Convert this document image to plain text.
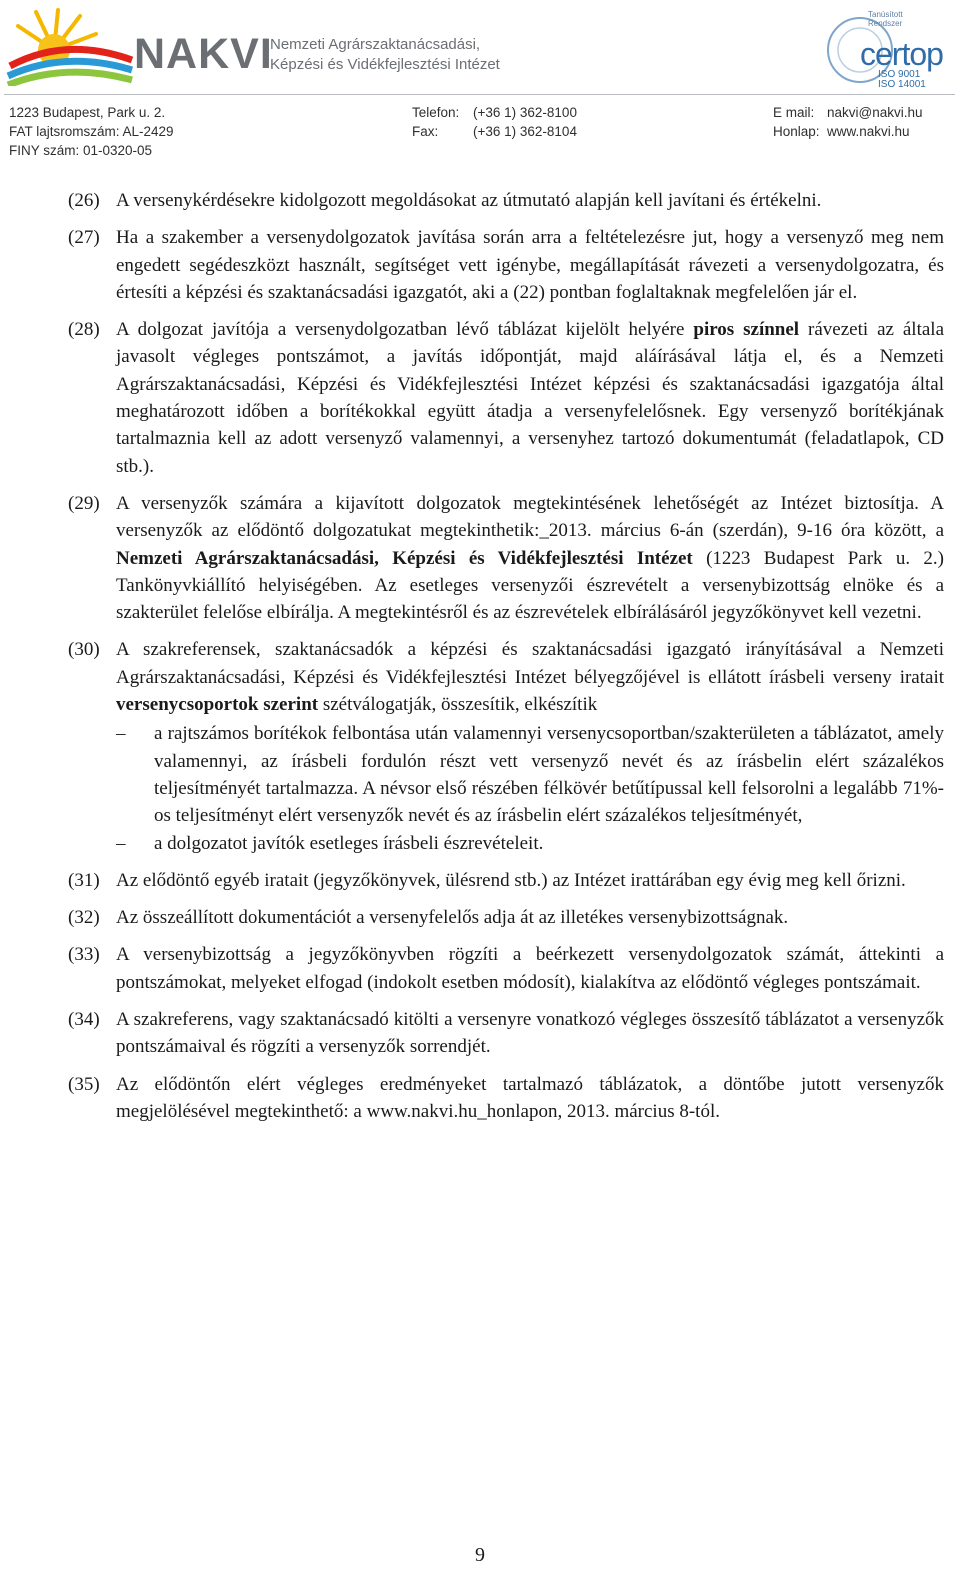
NAKVI
Nemzeti Agrárszaktanácsadási,
Képzési és Vidékfejlesztési Intézet
Tanúsított
Rendszer
certop
ISO 9001
ISO 14001
1223 Budapest, Park u. 2.
FAT lajtsromszám: AL-2429
FINY szám: 01-0320-05
Telefon: (+36 1) 362-8100
Fax:	(+36 1) 362-8104
E mail: nakvi@nakvi.hu
Honlap: www.nakvi.hu
(26) A versenykérdésekre kidolgozott megoldásokat az útmutató alapján kell javítani és értékelni.
(27) Ha a szakember a versenydolgozatok javítása során arra a feltételezésre jut, hogy a versenyző meg nem engedett segédeszközt használt, segítséget vett igénybe, megállapítását rávezeti a versenydolgozatra, és értesíti a képzési és szaktanácsadási igazgatót, aki a (22) pontban foglaltaknak megfelelően jár el.
(28) A dolgozat javítója a versenydolgozatban lévő táblázat kijelölt helyére piros színnel rávezeti az általa javasolt végleges pontszámot, a javítás időpontját, majd aláírásával látja el, és a Nemzeti Agrárszaktanácsadási, Képzési és Vidékfejlesztési Intézet képzési és szaktanácsadási igazgatója által meghatározott időben a borítékokkal együtt átadja a versenyfelelősnek. Egy versenyző borítékjának tartalmaznia kell az adott versenyző valamennyi, a versenyhez tartozó dokumentumát (feladatlapok, CD stb.).
(29) A versenyzők számára a kijavított dolgozatok megtekintésének lehetőségét az Intézet biztosítja. A versenyzők az elődöntő dolgozatukat megtekinthetik:_2013. március 6-án (szerdán), 9-16 óra között, a Nemzeti Agrárszaktanácsadási, Képzési és Vidékfejlesztési Intézet (1223 Budapest Park u. 2.) Tankönyvkiállító helyiségében. Az esetleges versenyzői észrevételt a versenybizottság elnöke és a szakterület felelőse elbírálja. A megtekintésről és az észrevételek elbírálásáról jegyzőkönyvet kell vezetni.
(30) A szakreferensek, szaktanácsadók a képzési és szaktanácsadási igazgató irányításával a Nemzeti Agrárszaktanácsadási, Képzési és Vidékfejlesztési Intézet bélyegzőjével is ellátott írásbeli verseny iratait versenycsoportok szerint szétválogatják, összesítik, elkészítik
–	a rajtszámos borítékok felbontása után valamennyi versenycsoportban/szakterületen a táblázatot, amely valamennyi, az írásbeli fordulón részt vett versenyző nevét és az írásbelin elért százalékos teljesítményét tartalmazza. A névsor első részében félkövér betűtípussal kell felsorolni a legalább 71%-os teljesítményt elért versenyzők nevét és az írásbelin elért százalékos teljesítményét,
–	a dolgozatot javítók esetleges írásbeli észrevételeit.
(31) Az elődöntő egyéb iratait (jegyzőkönyvek, ülésrend stb.) az Intézet irattárában egy évig meg kell őrizni.
(32) Az összeállított dokumentációt a versenyfelelős adja át az illetékes versenybizottságnak.
(33) A versenybizottság a jegyzőkönyvben rögzíti a beérkezett versenydolgozatok számát, áttekinti a pontszámokat, melyeket elfogad (indokolt esetben módosít), kialakítva az elődöntő végleges pontszámait.
(34) A szakreferens, vagy szaktanácsadó kitölti a versenyre vonatkozó végleges összesítő táblázatot a versenyzők pontszámaival és rögzíti a versenyzők sorrendjét.
(35) Az elődöntőn elért végleges eredményeket tartalmazó táblázatok, a döntőbe jutott versenyzők megjelölésével megtekinthető: a www.nakvi.hu_honlapon, 2013. március 8-tól.
9
